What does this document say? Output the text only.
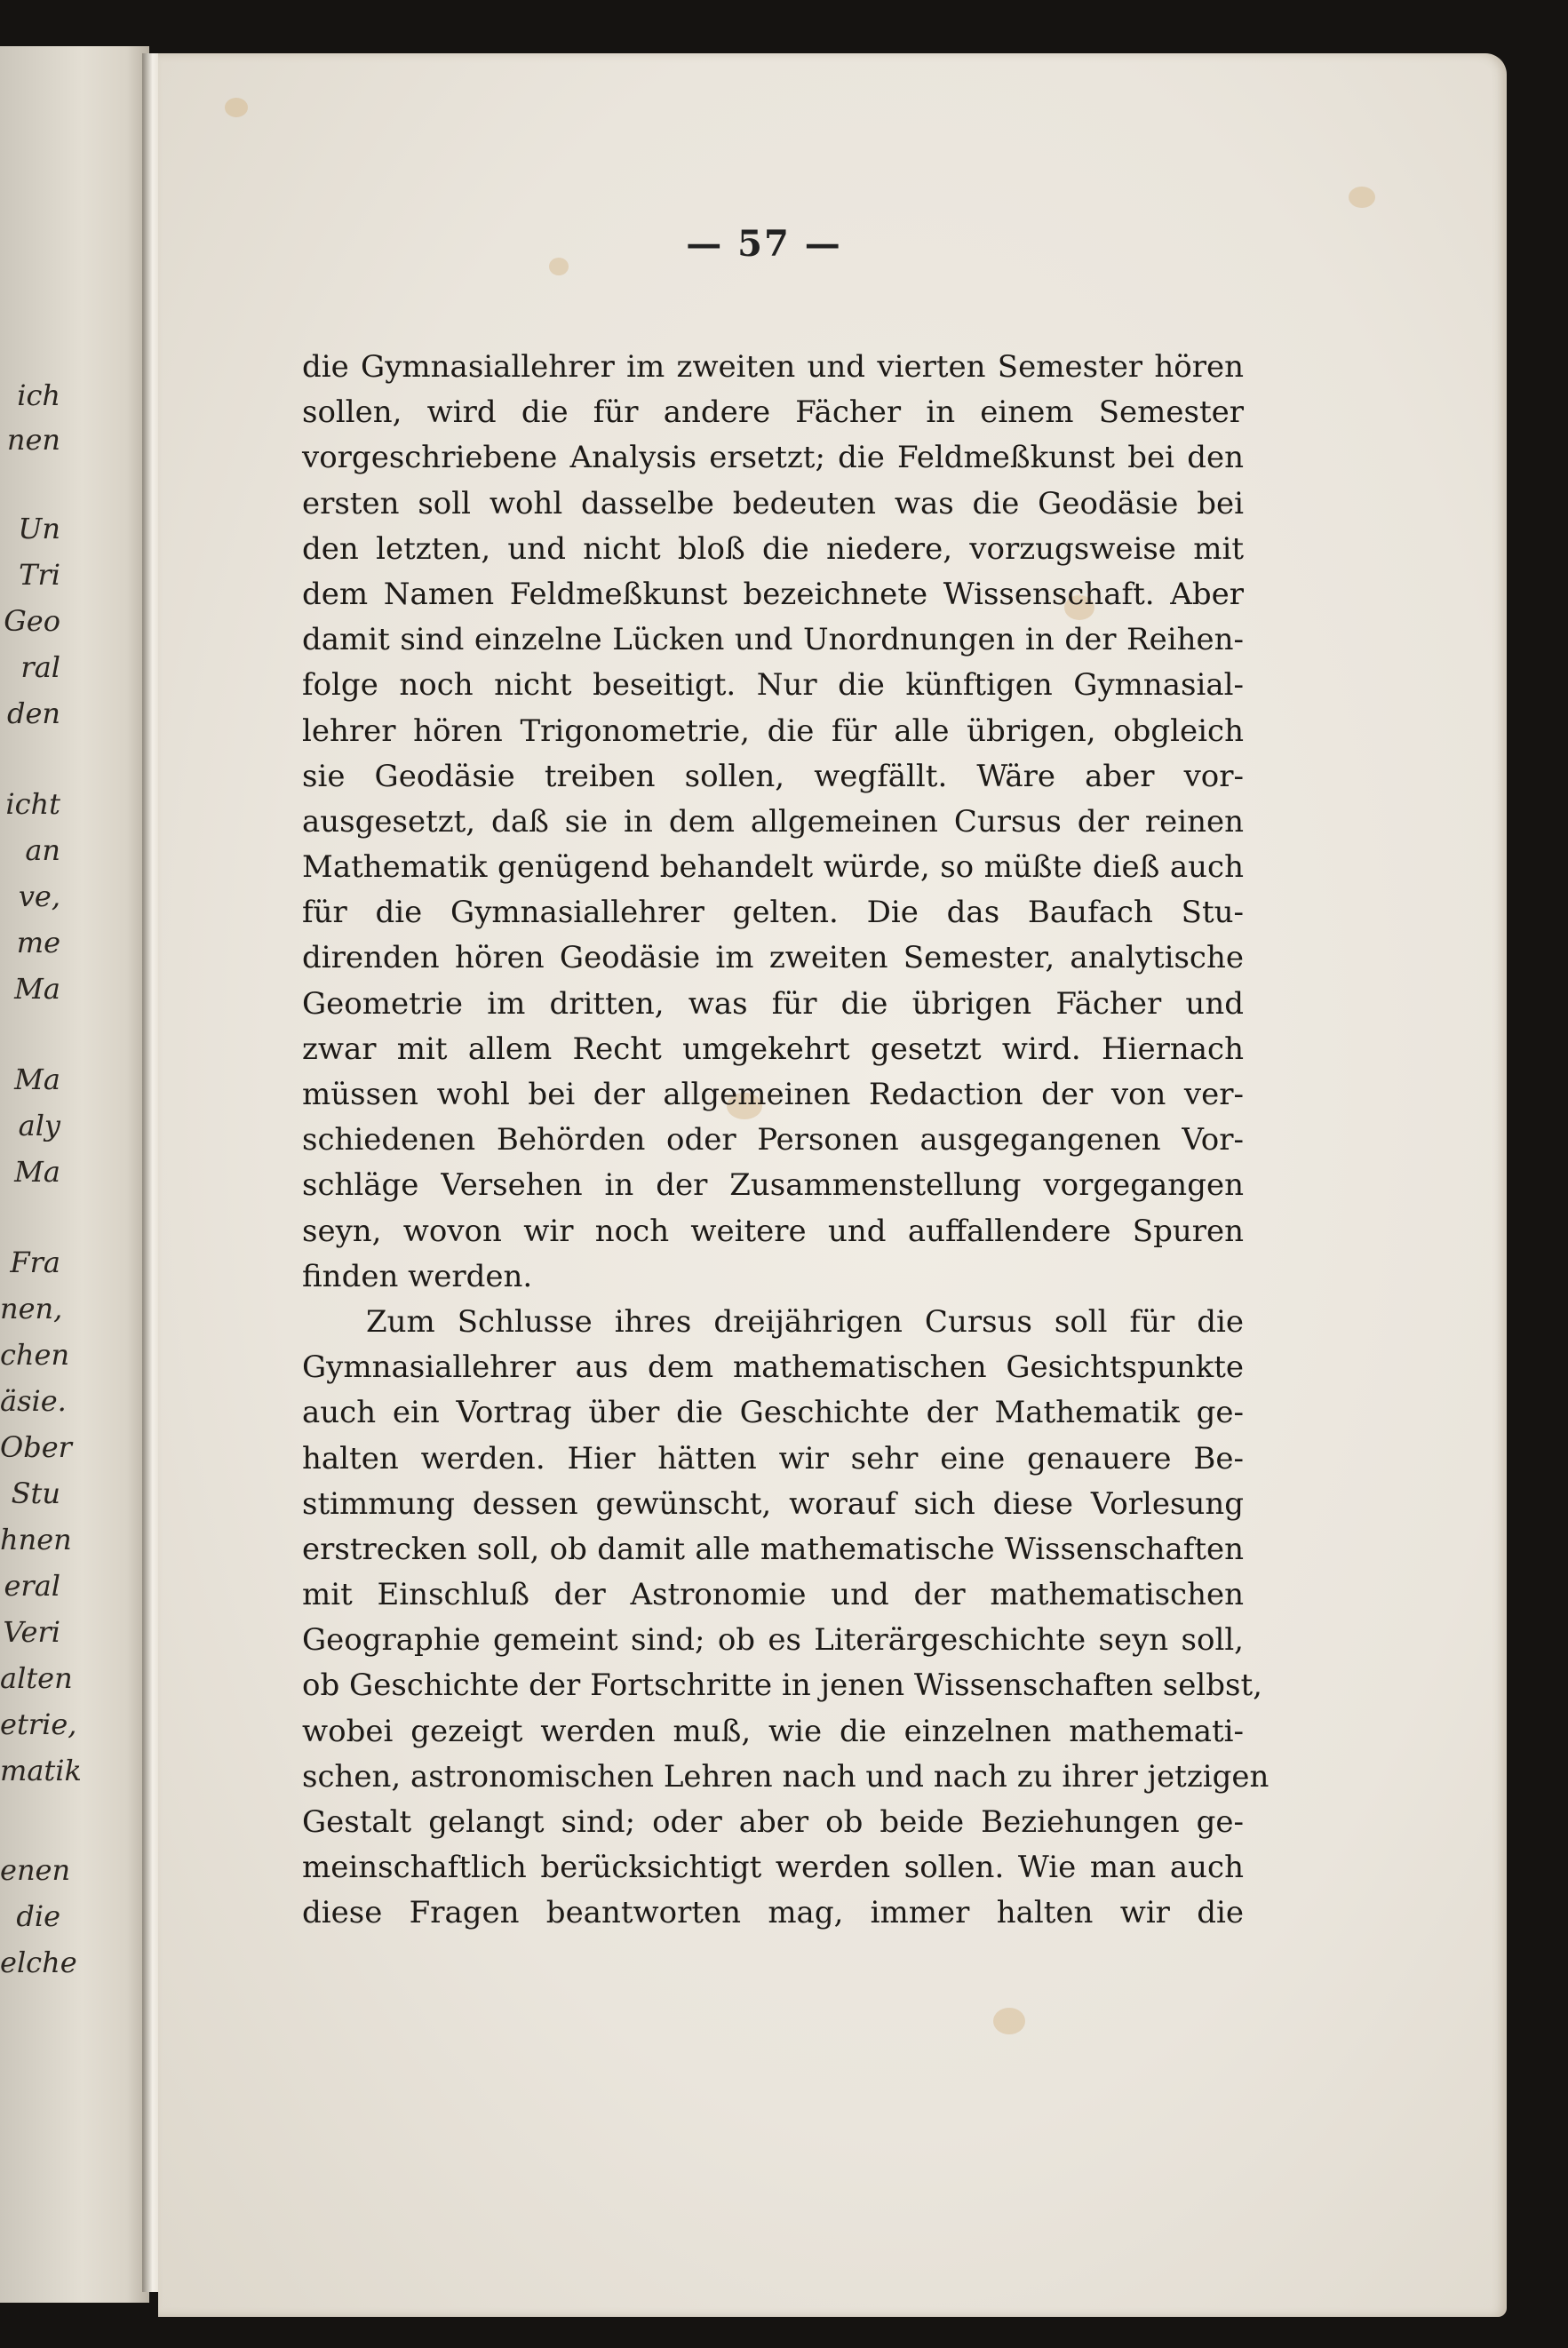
ich
nen
Un
Tri
Geo
ral
den
icht
an
ve,
me
Ma
Ma
aly
Ma
Fra
nen,
chen
äsie.
Ober
Stu
hnen
eral
Veri
alten
etrie,
matik
enen
die
elche
— 57 —
die Gymnasiallehrer im zweiten und vierten Semester hören
sollen, wird die für andere Fächer in einem Semester
vorgeschriebene Analysis ersetzt; die Feldmeßkunst bei den
ersten soll wohl dasselbe bedeuten was die Geodäsie bei
den letzten, und nicht bloß die niedere, vorzugsweise mit
dem Namen Feldmeßkunst bezeichnete Wissenschaft. Aber
damit sind einzelne Lücken und Unordnungen in der Reihen-
folge noch nicht beseitigt. Nur die künftigen Gymnasial-
lehrer hören Trigonometrie, die für alle übrigen, obgleich
sie Geodäsie treiben sollen, wegfällt. Wäre aber vor-
ausgesetzt, daß sie in dem allgemeinen Cursus der reinen
Mathematik genügend behandelt würde, so müßte dieß auch
für die Gymnasiallehrer gelten. Die das Baufach Stu-
direnden hören Geodäsie im zweiten Semester, analytische
Geometrie im dritten, was für die übrigen Fächer und
zwar mit allem Recht umgekehrt gesetzt wird. Hiernach
müssen wohl bei der allgemeinen Redaction der von ver-
schiedenen Behörden oder Personen ausgegangenen Vor-
schläge Versehen in der Zusammenstellung vorgegangen
seyn, wovon wir noch weitere und auffallendere Spuren
finden werden.
Zum Schlusse ihres dreijährigen Cursus soll für die
Gymnasiallehrer aus dem mathematischen Gesichtspunkte
auch ein Vortrag über die Geschichte der Mathematik ge-
halten werden. Hier hätten wir sehr eine genauere Be-
stimmung dessen gewünscht, worauf sich diese Vorlesung
erstrecken soll, ob damit alle mathematische Wissenschaften
mit Einschluß der Astronomie und der mathematischen
Geographie gemeint sind; ob es Literärgeschichte seyn soll,
ob Geschichte der Fortschritte in jenen Wissenschaften selbst,
wobei gezeigt werden muß, wie die einzelnen mathemati-
schen, astronomischen Lehren nach und nach zu ihrer jetzigen
Gestalt gelangt sind; oder aber ob beide Beziehungen ge-
meinschaftlich berücksichtigt werden sollen. Wie man auch
diese Fragen beantworten mag, immer halten wir die
